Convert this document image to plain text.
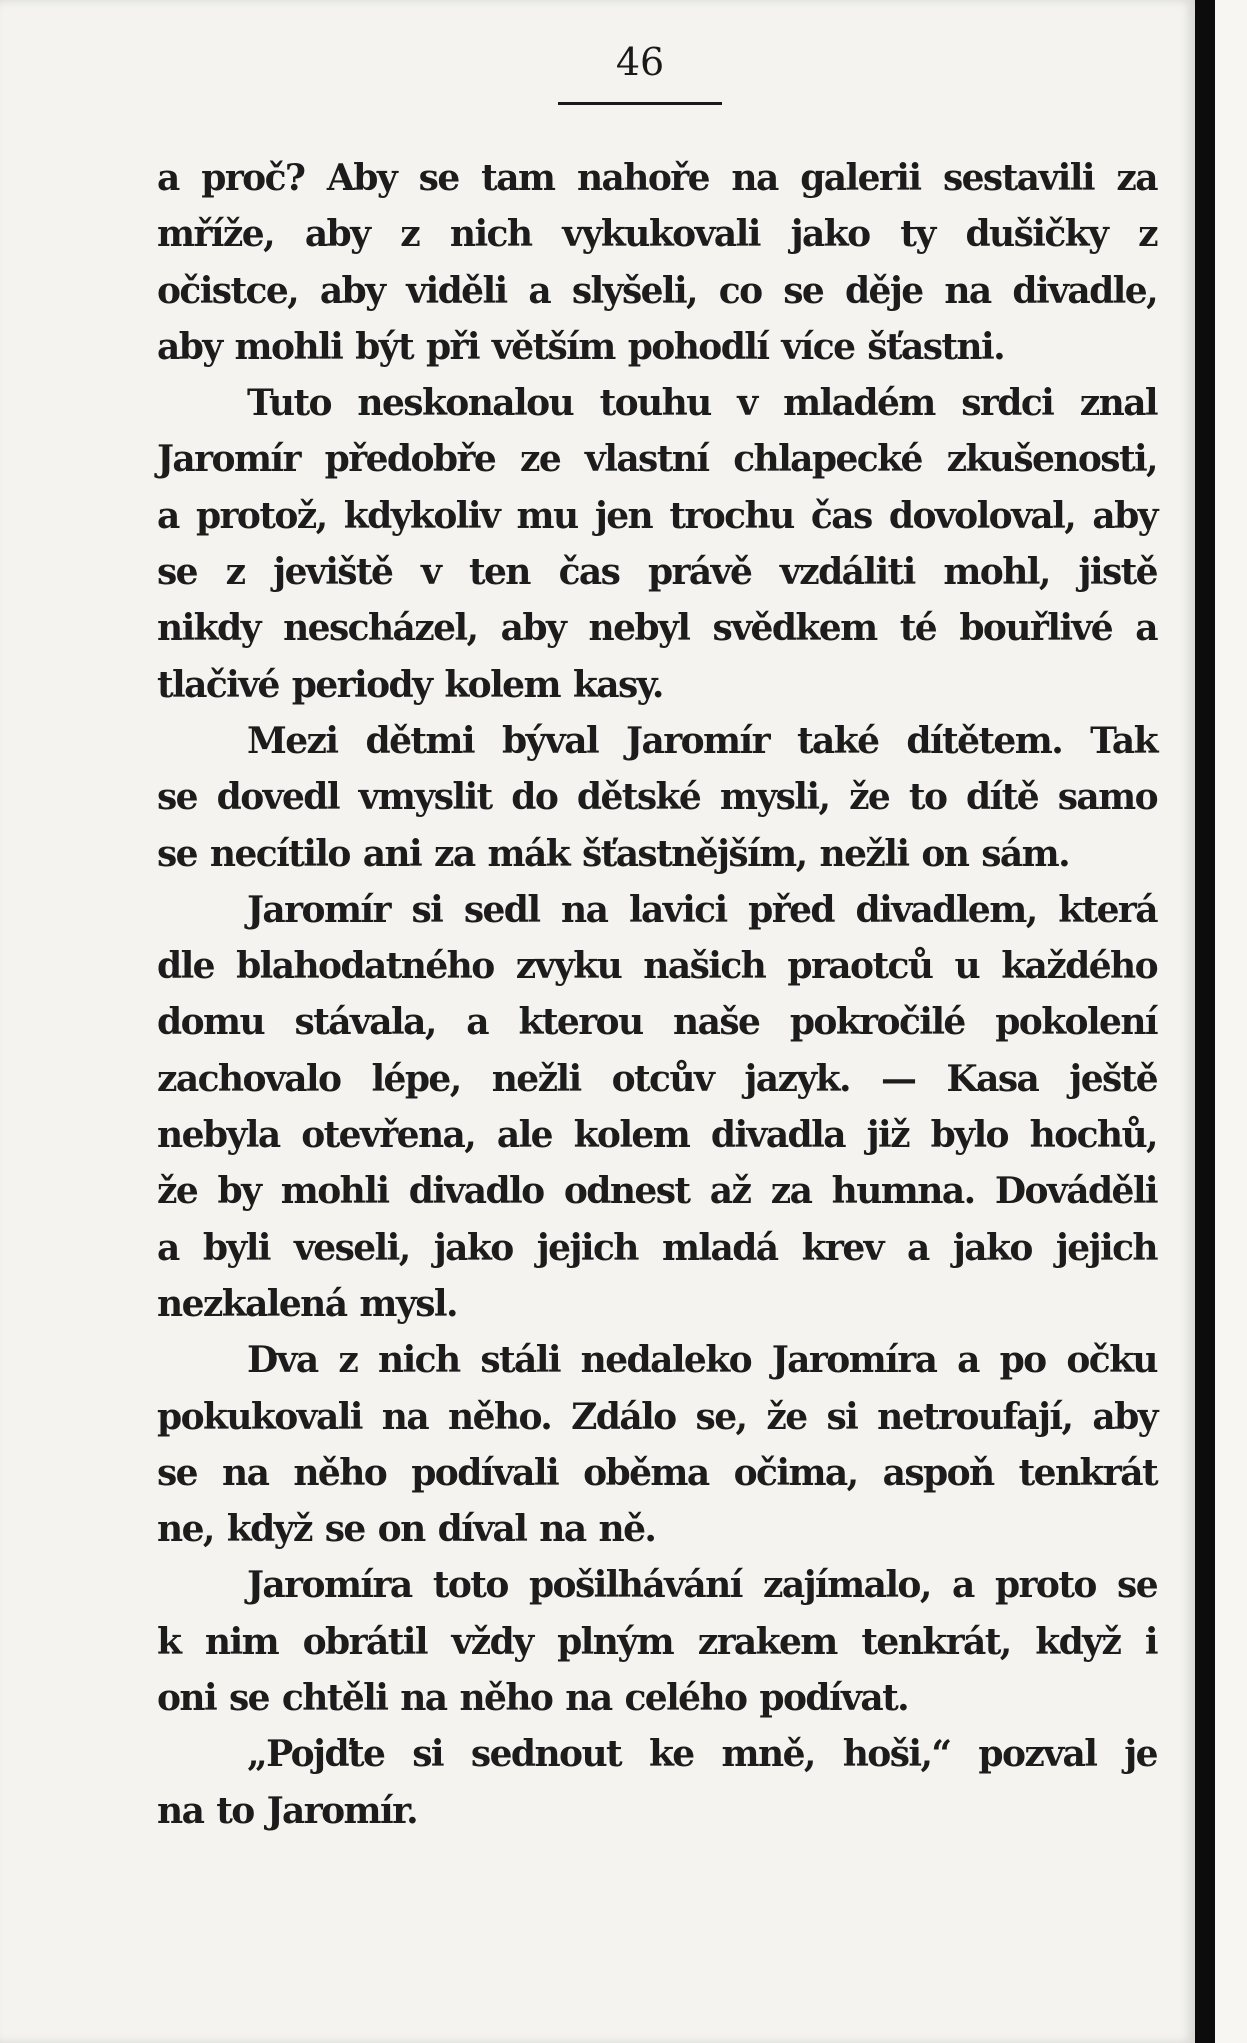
46
a proč? Aby se tam nahoře na galerii sestavili za
mříže, aby z nich vykukovali jako ty dušičky z
očistce, aby viděli a slyšeli, co se děje na divadle,
aby mohli být při větším pohodlí více šťastni.
Tuto neskonalou touhu v mladém srdci znal
Jaromír předobře ze vlastní chlapecké zkušenosti,
a protož, kdykoliv mu jen trochu čas dovoloval, aby
se z jeviště v ten čas právě vzdáliti mohl, jistě
nikdy nescházel, aby nebyl svědkem té bouřlivé a
tlačivé periody kolem kasy.
Mezi dětmi býval Jaromír také dítětem. Tak
se dovedl vmyslit do dětské mysli, že to dítě samo
se necítilo ani za mák šťastnějším, nežli on sám.
Jaromír si sedl na lavici před divadlem, která
dle blahodatného zvyku našich praotců u každého
domu stávala, a kterou naše pokročilé pokolení
zachovalo lépe, nežli otcův jazyk. — Kasa ještě
nebyla otevřena, ale kolem divadla již bylo hochů,
že by mohli divadlo odnest až za humna. Dováděli
a byli veseli, jako jejich mladá krev a jako jejich
nezkalená mysl.
Dva z nich stáli nedaleko Jaromíra a po očku
pokukovali na něho. Zdálo se, že si netroufají, aby
se na něho podívali oběma očima, aspoň tenkrát
ne, když se on díval na ně.
Jaromíra toto pošilhávání zajímalo, a proto se
k nim obrátil vždy plným zrakem tenkrát, když i
oni se chtěli na něho na celého podívat.
„Pojďte si sednout ke mně, hoši,“ pozval je
na to Jaromír.
